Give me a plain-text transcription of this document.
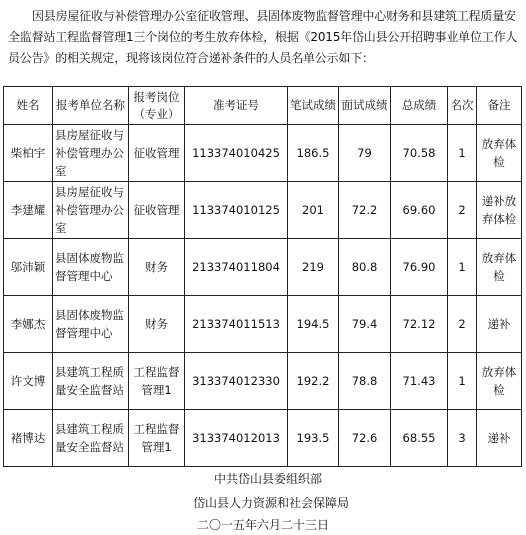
因县房屋征收与补偿管理办公室征收管理、县固体废物监督管理中心财务和县建筑工程质量安全监督站工程监督管理1三个岗位的考生放弃体检，根据《2015年岱山县公开招聘事业单位工作人员公告》的相关规定，现将该岗位符合递补条件的人员名单公示如下：
姓名	报考单位名称	报考岗位（专业）	准考证号	笔试成绩	面试成绩	总成绩	名次	备注
柴柏宇	县房屋征收与补偿管理办公室	征收管理	113374010425	186.5	79	70.58	1	放弃体检
李建耀	县房屋征收与补偿管理办公室	征收管理	113374010125	201	72.2	69.60	2	递补放弃体检
邬沛颖	县固体废物监督管理中心	财务	213374011804	219	80.8	76.90	1	放弃体检
李娜杰	县固体废物监督管理中心	财务	213374011513	194.5	79.4	72.12	2	递补
许文博	县建筑工程质量安全监督站	工程监督管理1	313374012330	192.2	78.8	71.43	1	放弃体检
褚博达	县建筑工程质量安全监督站	工程监督管理1	313374012013	193.5	72.6	68.55	3	递补
中共岱山县委组织部
岱山县人力资源和社会保障局
二〇一五年六月二十三日
